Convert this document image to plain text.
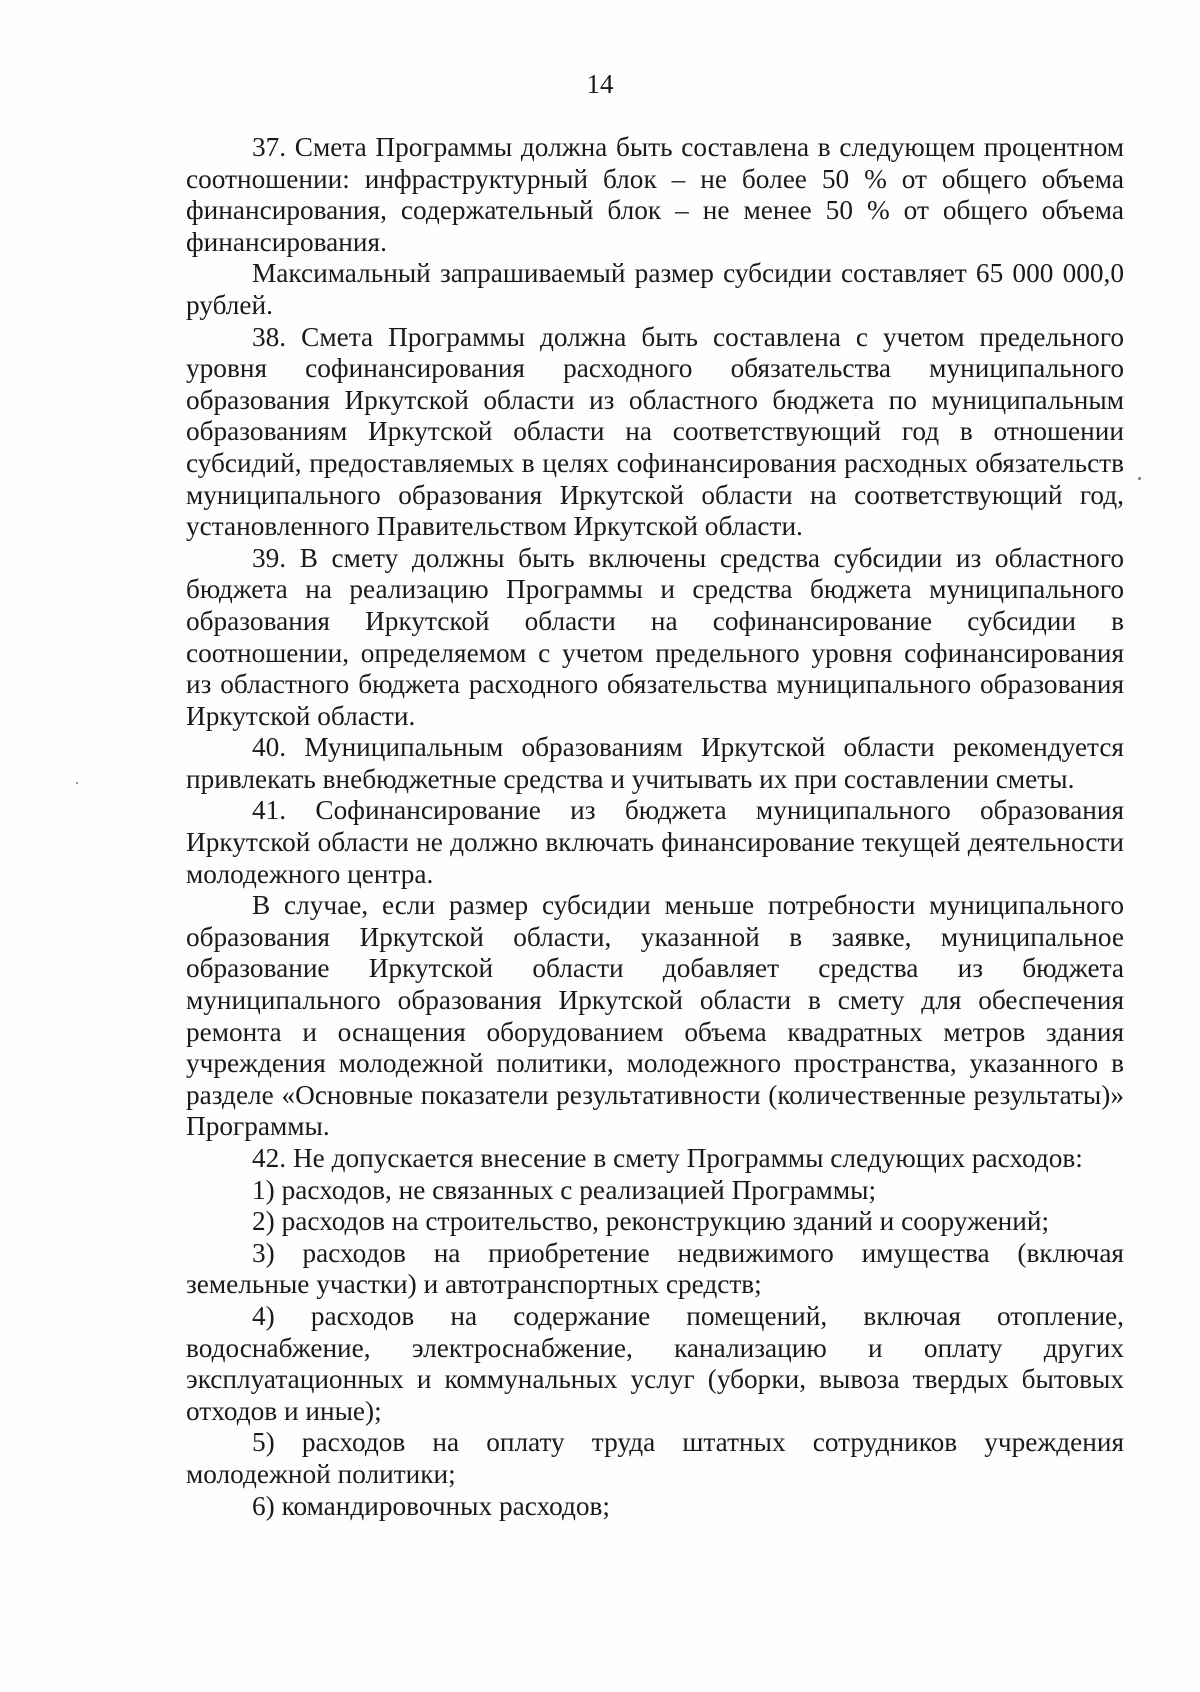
14

37. Смета Программы должна быть составлена в следующем процентном соотношении: инфраструктурный блок – не более 50 % от общего объема финансирования, содержательный блок – не менее 50 % от общего объема финансирования.

Максимальный запрашиваемый размер субсидии составляет 65 000 000,0 рублей.

38. Смета Программы должна быть составлена с учетом предельного уровня софинансирования расходного обязательства муниципального образования Иркутской области из областного бюджета по муниципальным образованиям Иркутской области на соответствующий год в отношении субсидий, предоставляемых в целях софинансирования расходных обязательств муниципального образования Иркутской области на соответствующий год, установленного Правительством Иркутской области.

39. В смету должны быть включены средства субсидии из областного бюджета на реализацию Программы и средства бюджета муниципального образования Иркутской области на софинансирование субсидии в соотношении, определяемом с учетом предельного уровня софинансирования из областного бюджета расходного обязательства муниципального образования Иркутской области.

40. Муниципальным образованиям Иркутской области рекомендуется привлекать внебюджетные средства и учитывать их при составлении сметы.

41. Софинансирование из бюджета муниципального образования Иркутской области не должно включать финансирование текущей деятельности молодежного центра.

В случае, если размер субсидии меньше потребности муниципального образования Иркутской области, указанной в заявке, муниципальное образование Иркутской области добавляет средства из бюджета муниципального образования Иркутской области в смету для обеспечения ремонта и оснащения оборудованием объема квадратных метров здания учреждения молодежной политики, молодежного пространства, указанного в разделе «Основные показатели результативности (количественные результаты)» Программы.

42. Не допускается внесение в смету Программы следующих расходов:

1) расходов, не связанных с реализацией Программы;

2) расходов на строительство, реконструкцию зданий и сооружений;

3) расходов на приобретение недвижимого имущества (включая земельные участки) и автотранспортных средств;

4) расходов на содержание помещений, включая отопление, водоснабжение, электроснабжение, канализацию и оплату других эксплуатационных и коммунальных услуг (уборки, вывоза твердых бытовых отходов и иные);

5) расходов на оплату труда штатных сотрудников учреждения молодежной политики;

6) командировочных расходов;
